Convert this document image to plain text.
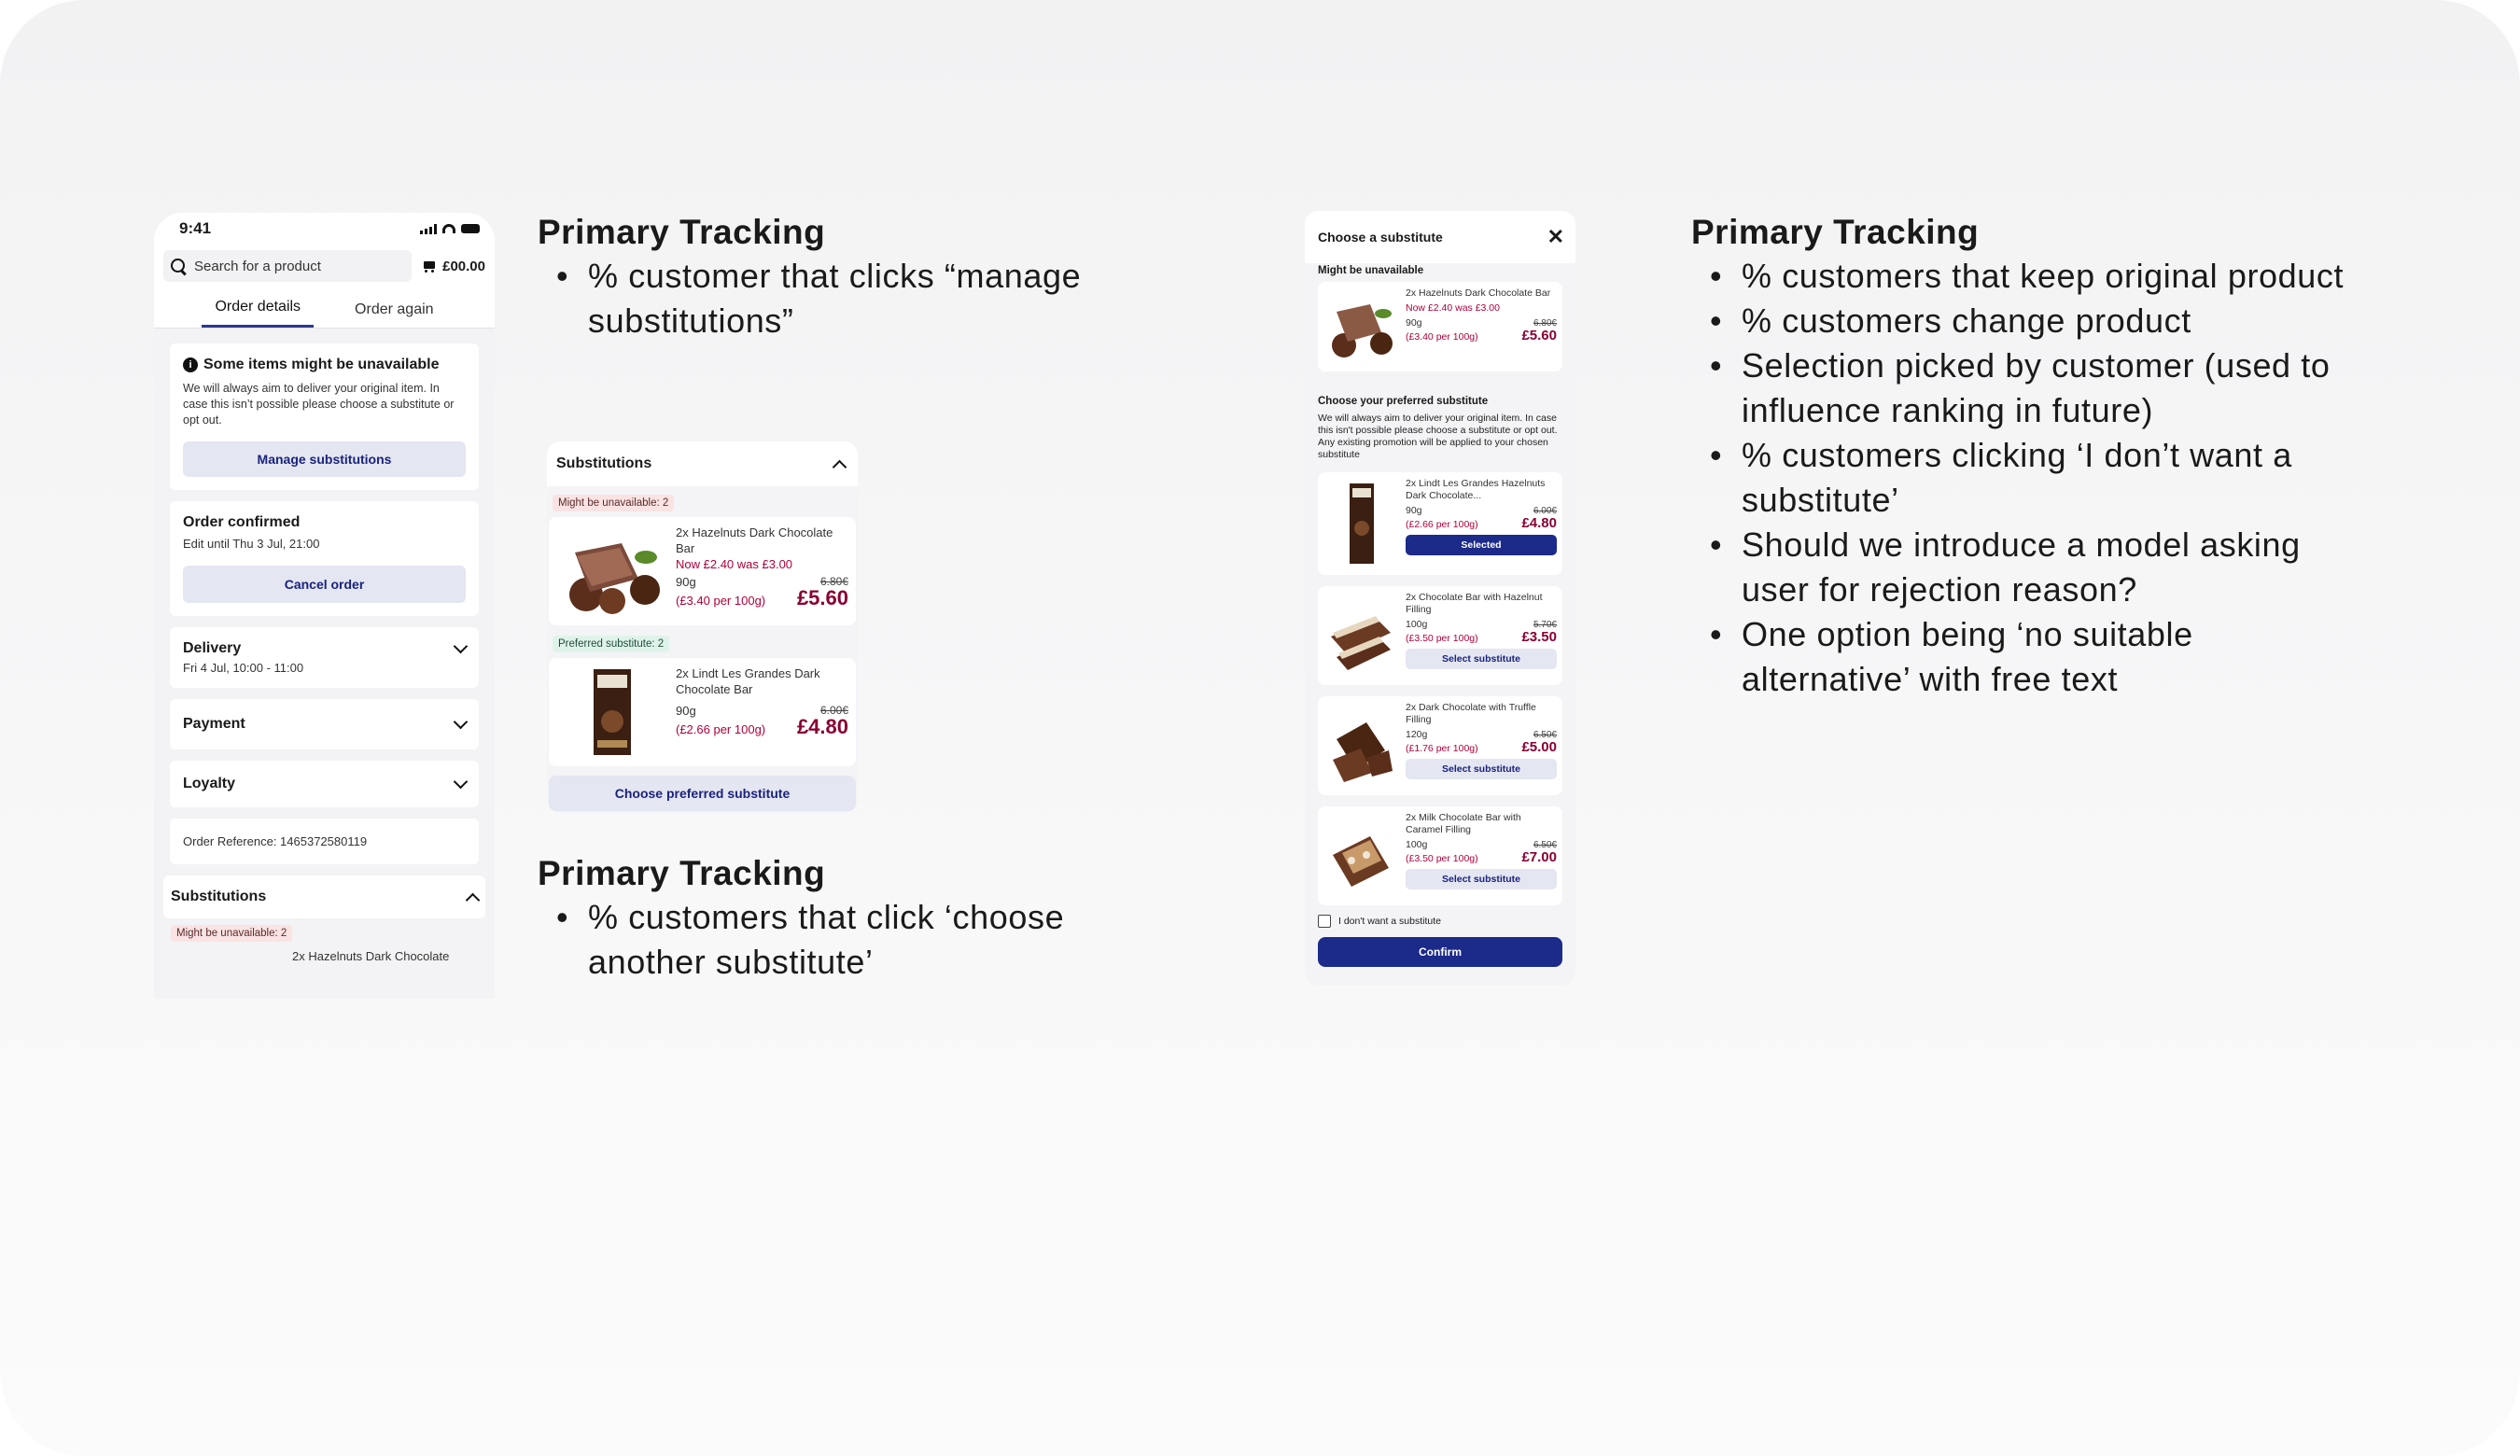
9:41
Search for a product	£00.00
Order details	Order again
i Some items might be unavailable
We will always aim to deliver your original item. In case this isn’t possible please choose a substitute or opt out.
Manage substitutions
Order confirmed
Edit until Thu 3 Jul, 21:00
Cancel order
Delivery
Fri 4 Jul, 10:00 - 11:00
Payment
Loyalty
Order Reference: 1465372580119
Substitutions
Might be unavailable: 2
2x Hazelnuts Dark Chocolate
Primary Tracking
• % customer that clicks “manage substitutions”
Substitutions
Might be unavailable: 2
2x Hazelnuts Dark Chocolate Bar
Now £2.40 was £3.00
90g	6.80€
(£3.40 per 100g) £5.60
Preferred substitute: 2
2x Lindt Les Grandes Dark Chocolate Bar
90g	6.00€
(£2.66 per 100g) £4.80
Choose preferred substitute
Primary Tracking
• % customers that click ‘choose another substitute’
Choose a substitute	✕
Might be unavailable
2x Hazelnuts Dark Chocolate Bar
Now £2.40 was £3.00
90g	6.80€
(£3.40 per 100g)	£5.60
Choose your preferred substitute
We will always aim to deliver your original item. In case this isn't possible please choose a substitute or opt out. Any existing promotion will be applied to your chosen substitute
2x Lindt Les Grandes Hazelnuts Dark Chocolate...
90g	6.00€
(£2.66 per 100g)	£4.80
Selected
2x Chocolate Bar with Hazelnut Filling
100g	5.70€
(£3.50 per 100g)	£3.50
Select substitute
2x Dark Chocolate with Truffle Filling
120g	6.50€
(£1.76 per 100g)	£5.00
Select substitute
2x Milk Chocolate Bar with Caramel Filling
100g	6.50€
(£3.50 per 100g)	£7.00
Select substitute
I don't want a substitute
Confirm
Primary Tracking
• % customers that keep original product
• % customers change product
• Selection picked by customer (used to influence ranking in future)
• % customers clicking ‘I don’t want a substitute’
• Should we introduce a model asking user for rejection reason?
• One option being ‘no suitable alternative’ with free text
